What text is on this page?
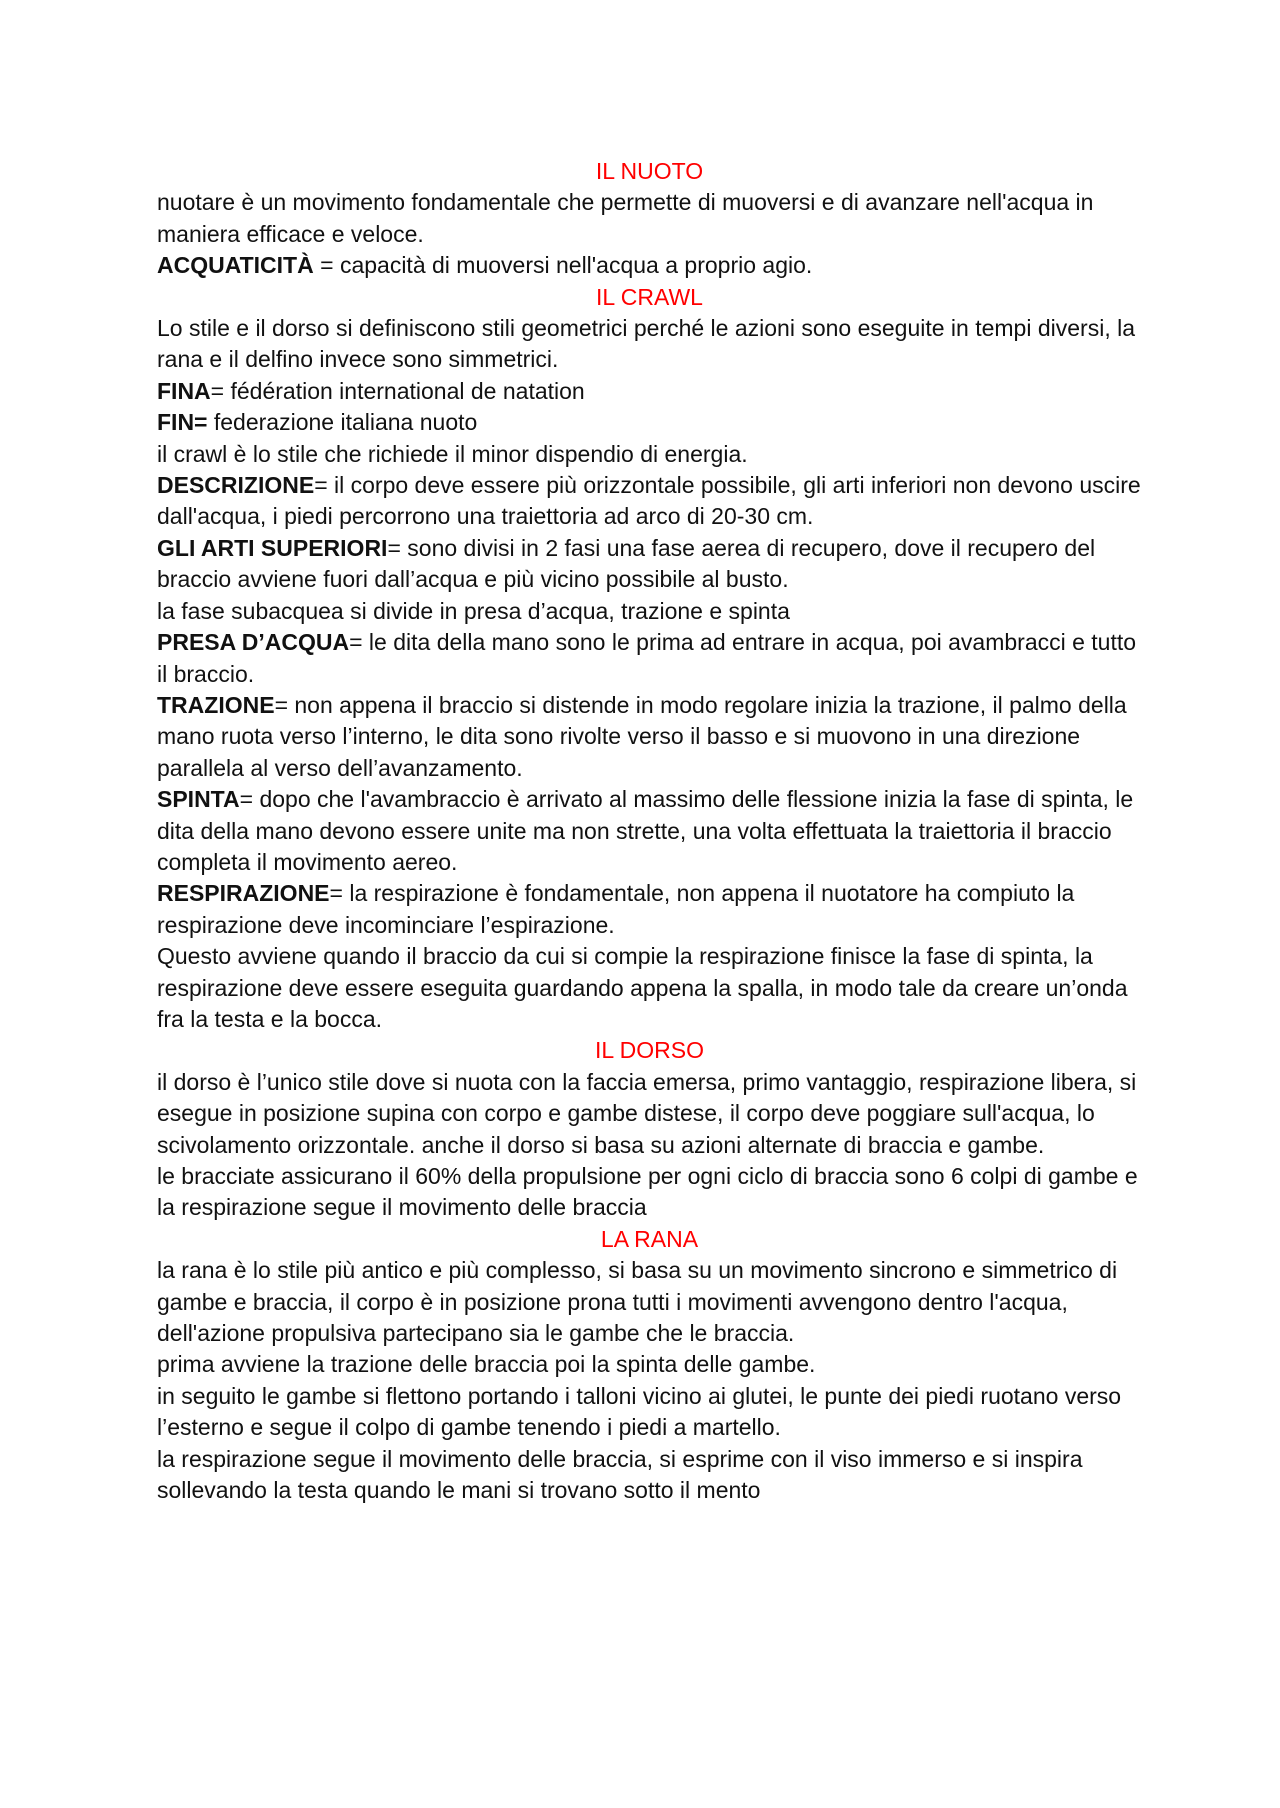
IL NUOTO

nuotare è un movimento fondamentale che permette di muoversi e di avanzare nell'acqua in maniera efficace e veloce.

ACQUATICITÀ = capacità di muoversi nell'acqua a proprio agio.

IL CRAWL

Lo stile e il dorso si definiscono stili geometrici perché le azioni sono eseguite in tempi diversi, la rana e il delfino invece sono simmetrici.

FINA= fédération international de natation

FIN= federazione italiana nuoto

il crawl è lo stile che richiede il minor dispendio di energia.

DESCRIZIONE= il corpo deve essere più orizzontale possibile, gli arti inferiori non devono uscire dall'acqua, i piedi percorrono una traiettoria ad arco di 20-30 cm.

GLI ARTI SUPERIORI= sono divisi in 2 fasi una fase aerea di recupero, dove il recupero del braccio avviene fuori dall’acqua e più vicino possibile al busto.

la fase subacquea si divide in presa d’acqua, trazione e spinta

PRESA D’ACQUA= le dita della mano sono le prima ad entrare in acqua, poi avambracci e tutto il braccio.

TRAZIONE= non appena il braccio si distende in modo regolare inizia la trazione, il palmo della mano ruota verso l’interno, le dita sono rivolte verso il basso e si muovono in una direzione parallela al verso dell’avanzamento.

SPINTA= dopo che l'avambraccio è arrivato al massimo delle flessione inizia la fase di spinta, le dita della mano devono essere unite ma non strette, una volta effettuata la traiettoria il braccio completa il movimento aereo.

RESPIRAZIONE= la respirazione è fondamentale, non appena il nuotatore ha compiuto la respirazione deve incominciare l’espirazione.

Questo avviene quando il braccio da cui si compie la respirazione finisce la fase di spinta, la respirazione deve essere eseguita guardando appena la spalla, in modo tale da creare un’onda fra la testa e la bocca.

IL DORSO

il dorso è l’unico stile dove si nuota con la faccia emersa, primo vantaggio, respirazione libera, si esegue in posizione supina con corpo e gambe distese, il corpo deve poggiare sull'acqua, lo scivolamento orizzontale. anche il dorso si basa su azioni alternate di braccia e gambe.

le bracciate assicurano il 60% della propulsione per ogni ciclo di braccia sono 6 colpi di gambe e la respirazione segue il movimento delle braccia

LA RANA

la rana è lo stile più antico e più complesso, si basa su un movimento sincrono e simmetrico di gambe e braccia, il corpo è in posizione prona tutti i movimenti avvengono dentro l'acqua, dell'azione propulsiva partecipano sia le gambe che le braccia.

prima avviene la trazione delle braccia poi la spinta delle gambe.

in seguito le gambe si flettono portando i talloni vicino ai glutei, le punte dei piedi ruotano verso l’esterno e segue il colpo di gambe tenendo i piedi a martello.

la respirazione segue il movimento delle braccia, si esprime con il viso immerso e si inspira sollevando la testa quando le mani si trovano sotto il mento
